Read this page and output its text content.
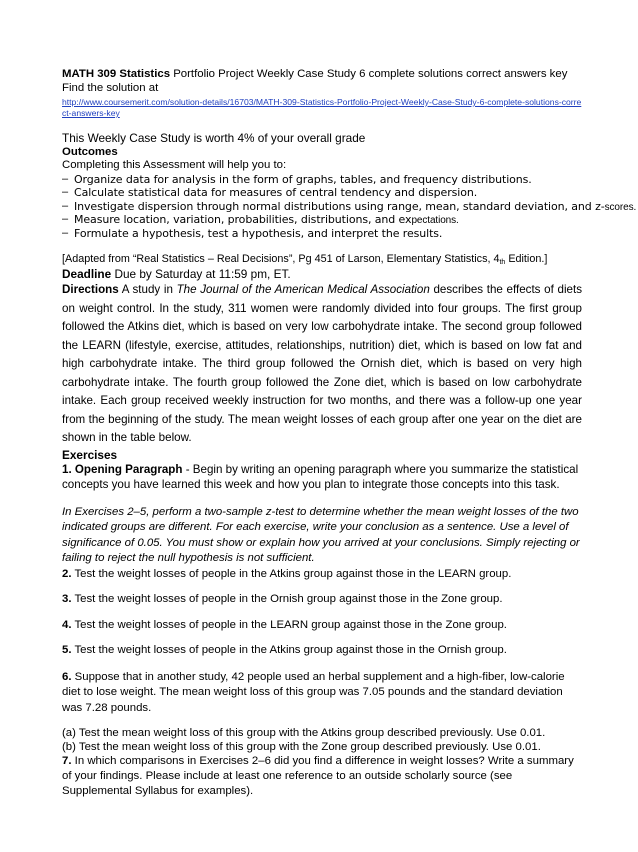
MATH 309 Statistics Portfolio Project Weekly Case Study 6 complete solutions correct answers key

Find the solution at

http://www.coursemerit.com/solution-details/16703/MATH-309-Statistics-Portfolio-Project-Weekly-Case-Study-6-complete-solutions-correct-answers-key

This Weekly Case Study is worth 4% of your overall grade

Outcomes

Completing this Assessment will help you to:

– Organize data for analysis in the form of graphs, tables, and frequency distributions.
– Calculate statistical data for measures of central tendency and dispersion.
– Investigate dispersion through normal distributions using range, mean, standard deviation, and z-scores.
– Measure location, variation, probabilities, distributions, and expectations.
– Formulate a hypothesis, test a hypothesis, and interpret the results.

[Adapted from “Real Statistics – Real Decisions”, Pg 451 of Larson, Elementary Statistics, 4th Edition.]

Deadline Due by Saturday at 11:59 pm, ET.

Directions A study in The Journal of the American Medical Association describes the effects of diets on weight control. In the study, 311 women were randomly divided into four groups. The first group followed the Atkins diet, which is based on very low carbohydrate intake. The second group followed the LEARN (lifestyle, exercise, attitudes, relationships, nutrition) diet, which is based on low fat and high carbohydrate intake. The third group followed the Ornish diet, which is based on very high carbohydrate intake. The fourth group followed the Zone diet, which is based on low carbohydrate intake. Each group received weekly instruction for two months, and there was a follow-up one year from the beginning of the study. The mean weight losses of each group after one year on the diet are shown in the table below.

Exercises

1. Opening Paragraph - Begin by writing an opening paragraph where you summarize the statistical concepts you have learned this week and how you plan to integrate those concepts into this task.

In Exercises 2–5, perform a two-sample z-test to determine whether the mean weight losses of the two indicated groups are different. For each exercise, write your conclusion as a sentence. Use a level of significance of 0.05. You must show or explain how you arrived at your conclusions. Simply rejecting or failing to reject the null hypothesis is not sufficient.

2. Test the weight losses of people in the Atkins group against those in the LEARN group.

3. Test the weight losses of people in the Ornish group against those in the Zone group.

4. Test the weight losses of people in the LEARN group against those in the Zone group.

5. Test the weight losses of people in the Atkins group against those in the Ornish group.

6. Suppose that in another study, 42 people used an herbal supplement and a high-fiber, low-calorie diet to lose weight. The mean weight loss of this group was 7.05 pounds and the standard deviation was 7.28 pounds.

(a) Test the mean weight loss of this group with the Atkins group described previously. Use 0.01.

(b) Test the mean weight loss of this group with the Zone group described previously. Use 0.01.

7. In which comparisons in Exercises 2–6 did you find a difference in weight losses? Write a summary of your findings. Please include at least one reference to an outside scholarly source (see Supplemental Syllabus for examples).
